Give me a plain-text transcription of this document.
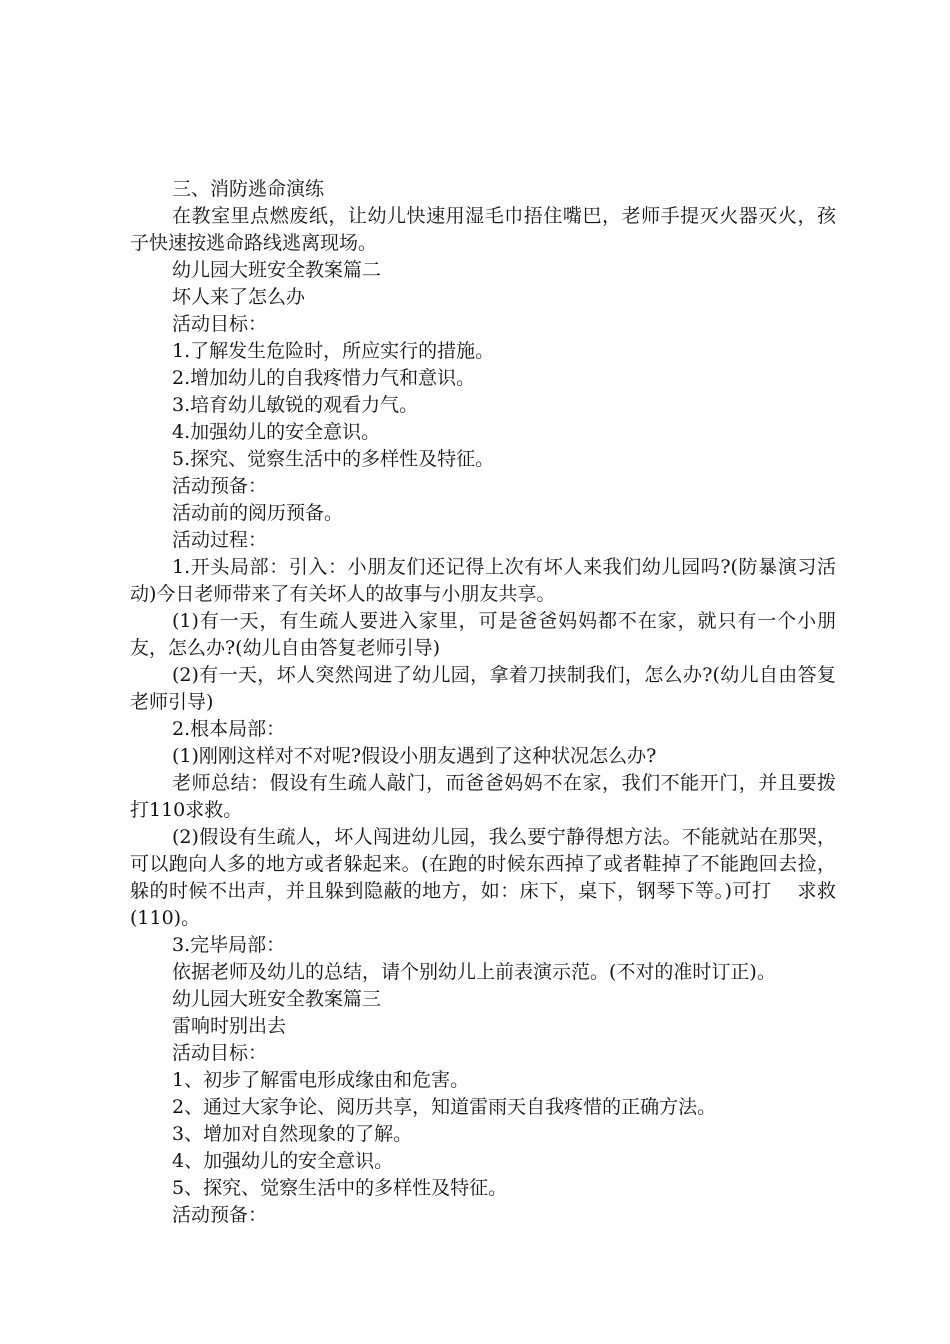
三、消防逃命演练

在教室里点燃废纸，让幼儿快速用湿毛巾捂住嘴巴，老师手提灭火器灭火，孩子快速按逃命路线逃离现场。

幼儿园大班安全教案篇二

坏人来了怎么办

活动目标：

1.了解发生危险时，所应实行的措施。

2.增加幼儿的自我疼惜力气和意识。

3.培育幼儿敏锐的观看力气。

4.加强幼儿的安全意识。

5.探究、觉察生活中的多样性及特征。

活动预备：

活动前的阅历预备。

活动过程：

1.开头局部：引入：小朋友们还记得上次有坏人来我们幼儿园吗?(防暴演习活动)今日老师带来了有关坏人的故事与小朋友共享。

(1)有一天，有生疏人要进入家里，可是爸爸妈妈都不在家，就只有一个小朋友，怎么办?(幼儿自由答复老师引导)

(2)有一天，坏人突然闯进了幼儿园，拿着刀挟制我们，怎么办?(幼儿自由答复老师引导)

2.根本局部：

(1)刚刚这样对不对呢?假设小朋友遇到了这种状况怎么办?

老师总结：假设有生疏人敲门，而爸爸妈妈不在家，我们不能开门，并且要拨打110求救。

(2)假设有生疏人，坏人闯进幼儿园，我么要宁静得想方法。不能就站在那哭，可以跑向人多的地方或者躲起来。(在跑的时候东西掉了或者鞋掉了不能跑回去捡，躲的时候不出声，并且躲到隐蔽的地方，如：床下，桌下，钢琴下等。)可打　 求救(110)。

3.完毕局部：

依据老师及幼儿的总结，请个别幼儿上前表演示范。(不对的准时订正)。

幼儿园大班安全教案篇三

雷响时别出去

活动目标：

1、初步了解雷电形成缘由和危害。

2、通过大家争论、阅历共享，知道雷雨天自我疼惜的正确方法。

3、增加对自然现象的了解。

4、加强幼儿的安全意识。

5、探究、觉察生活中的多样性及特征。

活动预备：
